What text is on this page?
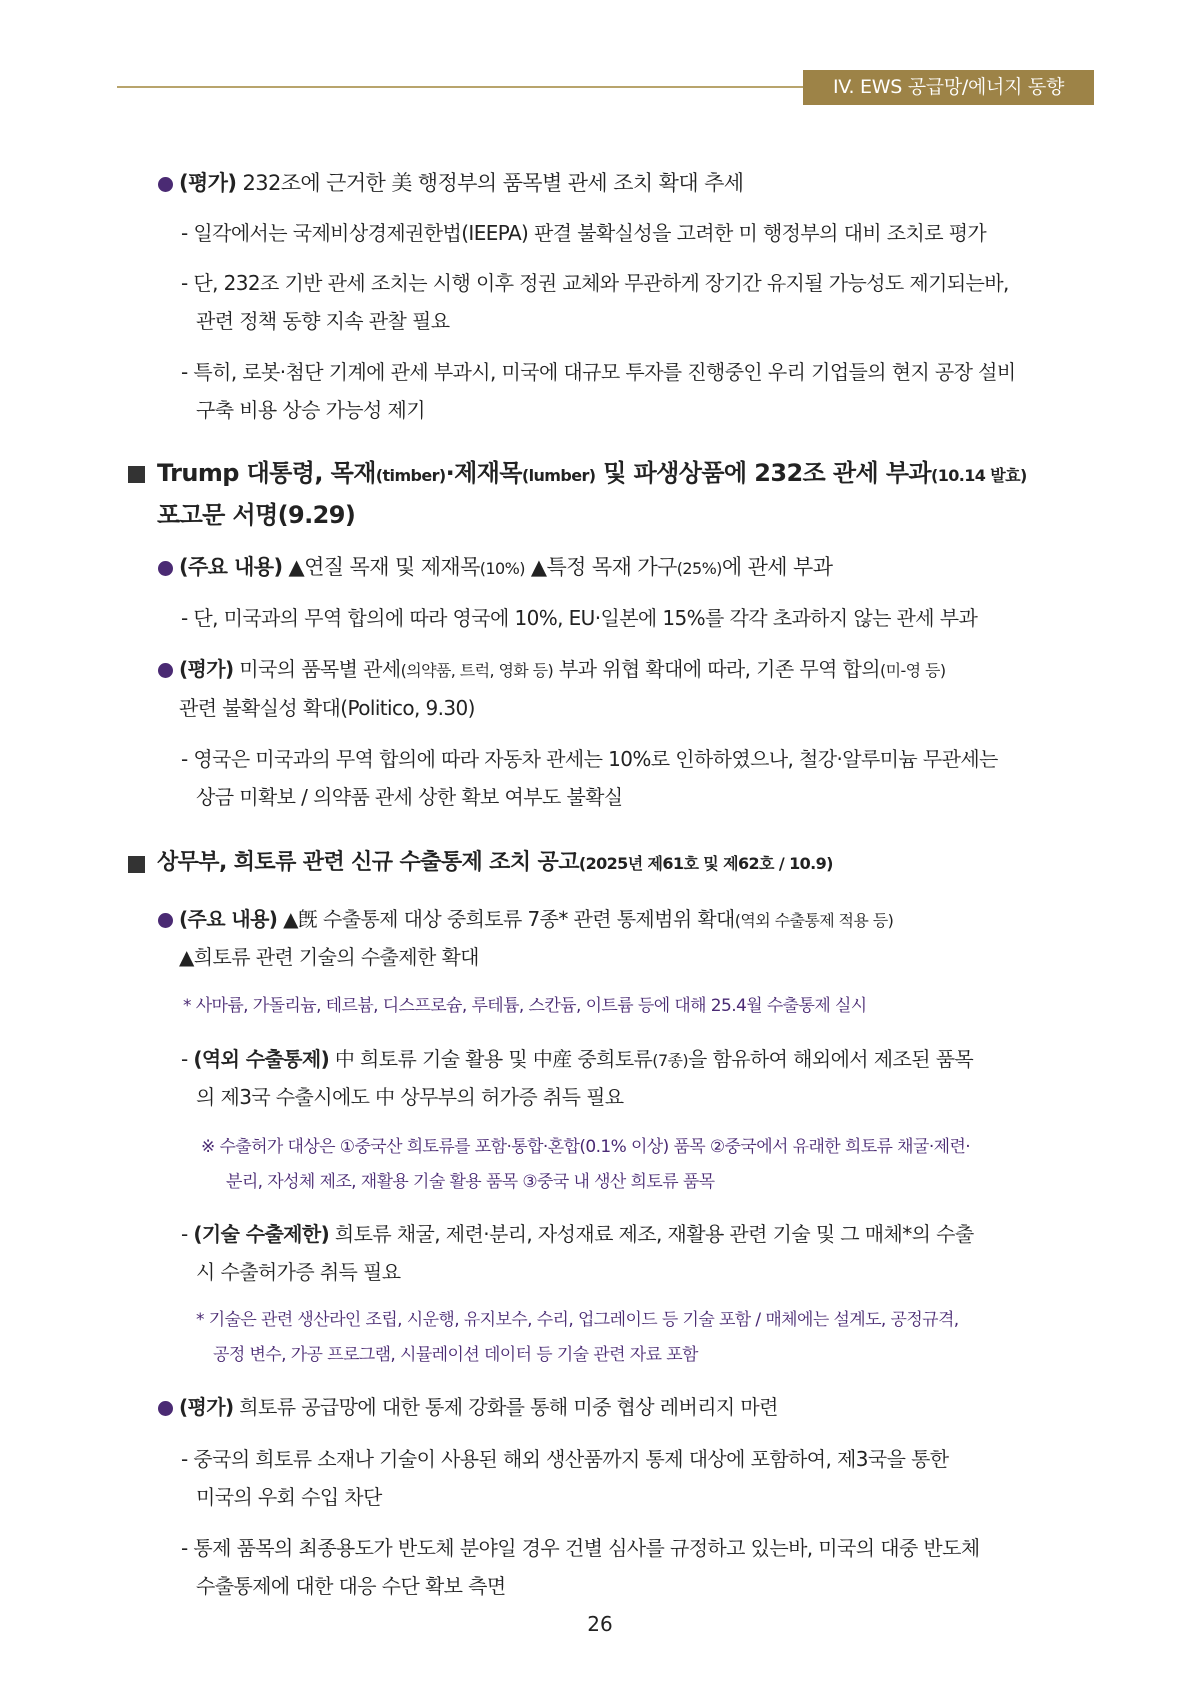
IV. EWS 공급망/에너지 동향
(평가) 232조에 근거한 美 행정부의 품목별 관세 조치 확대 추세
- 일각에서는 국제비상경제권한법(IEEPA) 판결 불확실성을 고려한 미 행정부의 대비 조치로 평가
- 단, 232조 기반 관세 조치는 시행 이후 정권 교체와 무관하게 장기간 유지될 가능성도 제기되는바,
관련 정책 동향 지속 관찰 필요
- 특히, 로봇·첨단 기계에 관세 부과시, 미국에 대규모 투자를 진행중인 우리 기업들의 현지 공장 설비
구축 비용 상승 가능성 제기
Trump 대통령, 목재(timber)·제재목(lumber) 및 파생상품에 232조 관세 부과(10.14 발효)
포고문 서명(9.29)
(주요 내용) ▲연질 목재 및 제재목(10%) ▲특정 목재 가구(25%)에 관세 부과
- 단, 미국과의 무역 합의에 따라 영국에 10%, EU·일본에 15%를 각각 초과하지 않는 관세 부과
(평가) 미국의 품목별 관세(의약품, 트럭, 영화 등) 부과 위협 확대에 따라, 기존 무역 합의(미-영 등)
관련 불확실성 확대(Politico, 9.30)
- 영국은 미국과의 무역 합의에 따라 자동차 관세는 10%로 인하하였으나, 철강·알루미늄 무관세는
상금 미확보 / 의약품 관세 상한 확보 여부도 불확실
상무부, 희토류 관련 신규 수출통제 조치 공고(2025년 제61호 및 제62호 / 10.9)
(주요 내용) ▲旣 수출통제 대상 중희토류 7종* 관련 통제범위 확대(역외 수출통제 적용 등)
▲희토류 관련 기술의 수출제한 확대
* 사마륨, 가돌리늄, 테르븀, 디스프로슘, 루테튬, 스칸듐, 이트륨 등에 대해 25.4월 수출통제 실시
- (역외 수출통제) 中 희토류 기술 활용 및 中産 중희토류(7종)을 함유하여 해외에서 제조된 품목
의 제3국 수출시에도 中 상무부의 허가증 취득 필요
※ 수출허가 대상은 ①중국산 희토류를 포함·통합·혼합(0.1% 이상) 품목 ②중국에서 유래한 희토류 채굴·제련·
분리, 자성체 제조, 재활용 기술 활용 품목 ③중국 내 생산 희토류 품목
- (기술 수출제한) 희토류 채굴, 제련·분리, 자성재료 제조, 재활용 관련 기술 및 그 매체*의 수출
시 수출허가증 취득 필요
* 기술은 관련 생산라인 조립, 시운행, 유지보수, 수리, 업그레이드 등 기술 포함 / 매체에는 설계도, 공정규격,
공정 변수, 가공 프로그램, 시뮬레이션 데이터 등 기술 관련 자료 포함
(평가) 희토류 공급망에 대한 통제 강화를 통해 미중 협상 레버리지 마련
- 중국의 희토류 소재나 기술이 사용된 해외 생산품까지 통제 대상에 포함하여, 제3국을 통한
미국의 우회 수입 차단
- 통제 품목의 최종용도가 반도체 분야일 경우 건별 심사를 규정하고 있는바, 미국의 대중 반도체
수출통제에 대한 대응 수단 확보 측면
26
